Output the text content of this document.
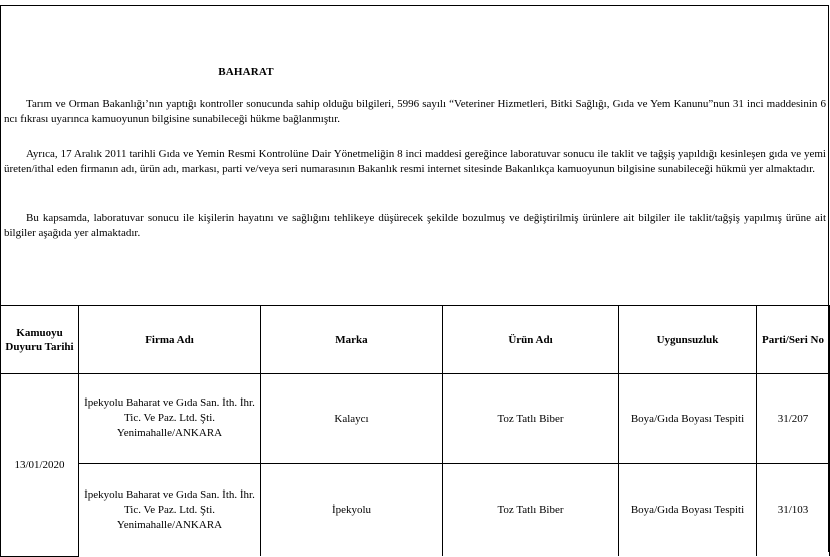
BAHARAT
Tarım ve Orman Bakanlığı’nın yaptığı kontroller sonucunda sahip olduğu bilgileri, 5996 sayılı “Veteriner Hizmetleri, Bitki Sağlığı, Gıda ve Yem Kanunu”nun 31 inci maddesinin 6 ncı fıkrası uyarınca kamuoyunun bilgisine sunabileceği hükme bağlanmıştır.
Ayrıca, 17 Aralık 2011 tarihli Gıda ve Yemin Resmi Kontrolüne Dair Yönetmeliğin 8 inci maddesi gereğince laboratuvar sonucu ile taklit ve tağşiş yapıldığı kesinleşen gıda ve yemi üreten/ithal eden firmanın adı, ürün adı, markası, parti ve/veya seri numarasının Bakanlık resmi internet sitesinde Bakanlıkça kamuoyunun bilgisine sunabileceği hükmü yer almaktadır.
Bu kapsamda, laboratuvar sonucu ile kişilerin hayatını ve sağlığını tehlikeye düşürecek şekilde bozulmuş ve değiştirilmiş ürünlere ait bilgiler ile taklit/tağşiş yapılmış ürüne ait bilgiler aşağıda yer almaktadır.
Kamuoyu Duyuru Tarihi	Firma Adı	Marka	Ürün Adı	Uygunsuzluk	Parti/Seri No
13/01/2020	İpekyolu Baharat ve Gıda San. İth. İhr. Tic. Ve Paz. Ltd. Şti. Yenimahalle/ANKARA	Kalaycı	Toz Tatlı Biber	Boya/Gıda Boyası Tespiti	31/207
	İpekyolu Baharat ve Gıda San. İth. İhr. Tic. Ve Paz. Ltd. Şti. Yenimahalle/ANKARA	İpekyolu	Toz Tatlı Biber	Boya/Gıda Boyası Tespiti	31/103
